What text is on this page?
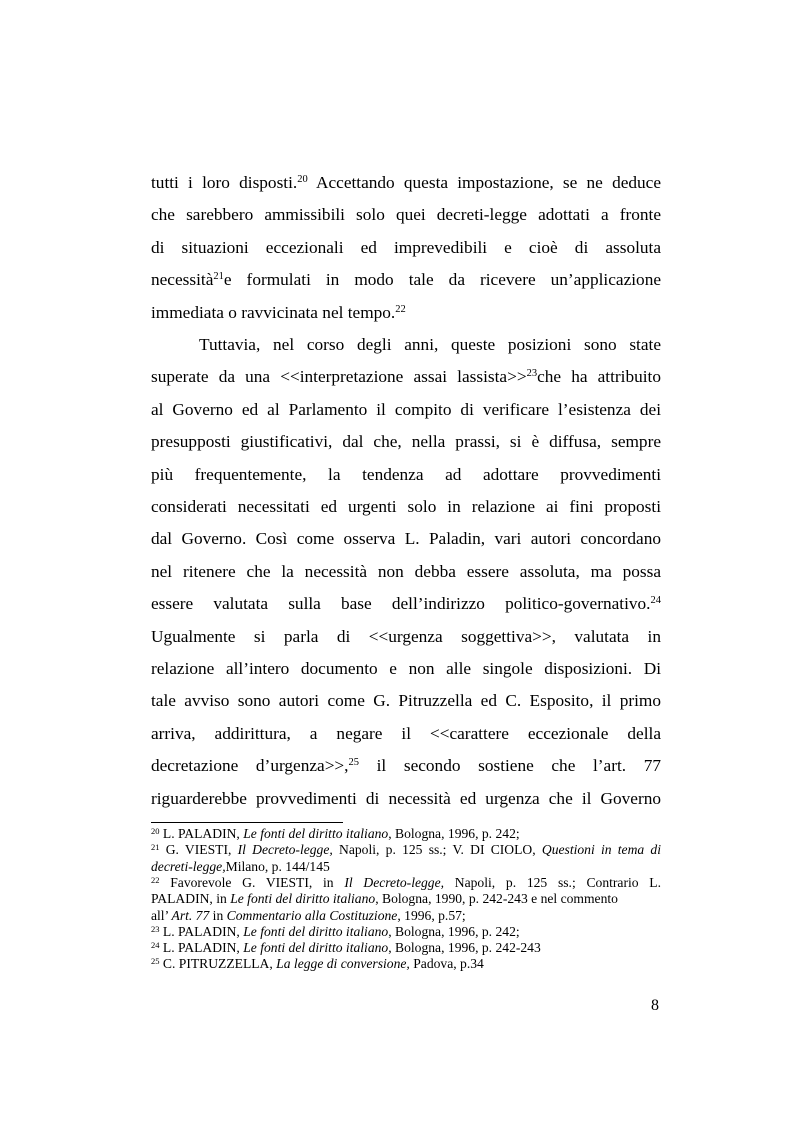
tutti i loro disposti.$^{20}$ Accettando questa impostazione, se ne deduce
che sarebbero ammissibili solo quei decreti-legge adottati a fronte
di situazioni eccezionali ed imprevedibili e cioè di assoluta
necessità$^{21}$e formulati in modo tale da ricevere un’applicazione
immediata o ravvicinata nel tempo.$^{22}$
Tuttavia, nel corso degli anni, queste posizioni sono state
superate da una <<interpretazione assai lassista>>$^{23}$che ha attribuito
al Governo ed al Parlamento il compito di verificare l’esistenza dei
presupposti giustificativi, dal che, nella prassi, si è diffusa, sempre
più frequentemente, la tendenza ad adottare provvedimenti
considerati necessitati ed urgenti solo in relazione ai fini proposti
dal Governo. Così come osserva L. Paladin, vari autori concordano
nel ritenere che la necessità non debba essere assoluta, ma possa
essere valutata sulla base dell’indirizzo politico-governativo.$^{24}$
Ugualmente si parla di <<urgenza soggettiva>>, valutata in
relazione all’intero documento e non alle singole disposizioni. Di
tale avviso sono autori come G. Pitruzzella ed C. Esposito, il primo
arriva, addirittura, a negare il <<carattere eccezionale della
decretazione d’urgenza>>,$^{25}$ il secondo sostiene che l’art. 77
riguarderebbe provvedimenti di necessità ed urgenza che il Governo
$^{20}$ L. PALADIN, Le fonti del diritto italiano, Bologna, 1996, p. 242;
$^{21}$ G. VIESTI, Il Decreto-legge, Napoli, p. 125 ss.; V. DI CIOLO, Questioni in tema di
decreti-legge,Milano, p. 144/145
$^{22}$ Favorevole G. VIESTI, in Il Decreto-legge, Napoli, p. 125 ss.; Contrario L.
PALADIN, in Le fonti del diritto italiano, Bologna, 1990, p. 242-243 e nel commento
all’ Art. 77 in Commentario alla Costituzione, 1996, p.57;
$^{23}$ L. PALADIN, Le fonti del diritto italiano, Bologna, 1996, p. 242;
$^{24}$ L. PALADIN, Le fonti del diritto italiano, Bologna, 1996, p. 242-243
$^{25}$ C. PITRUZZELLA, La legge di conversione, Padova, p.34
8
